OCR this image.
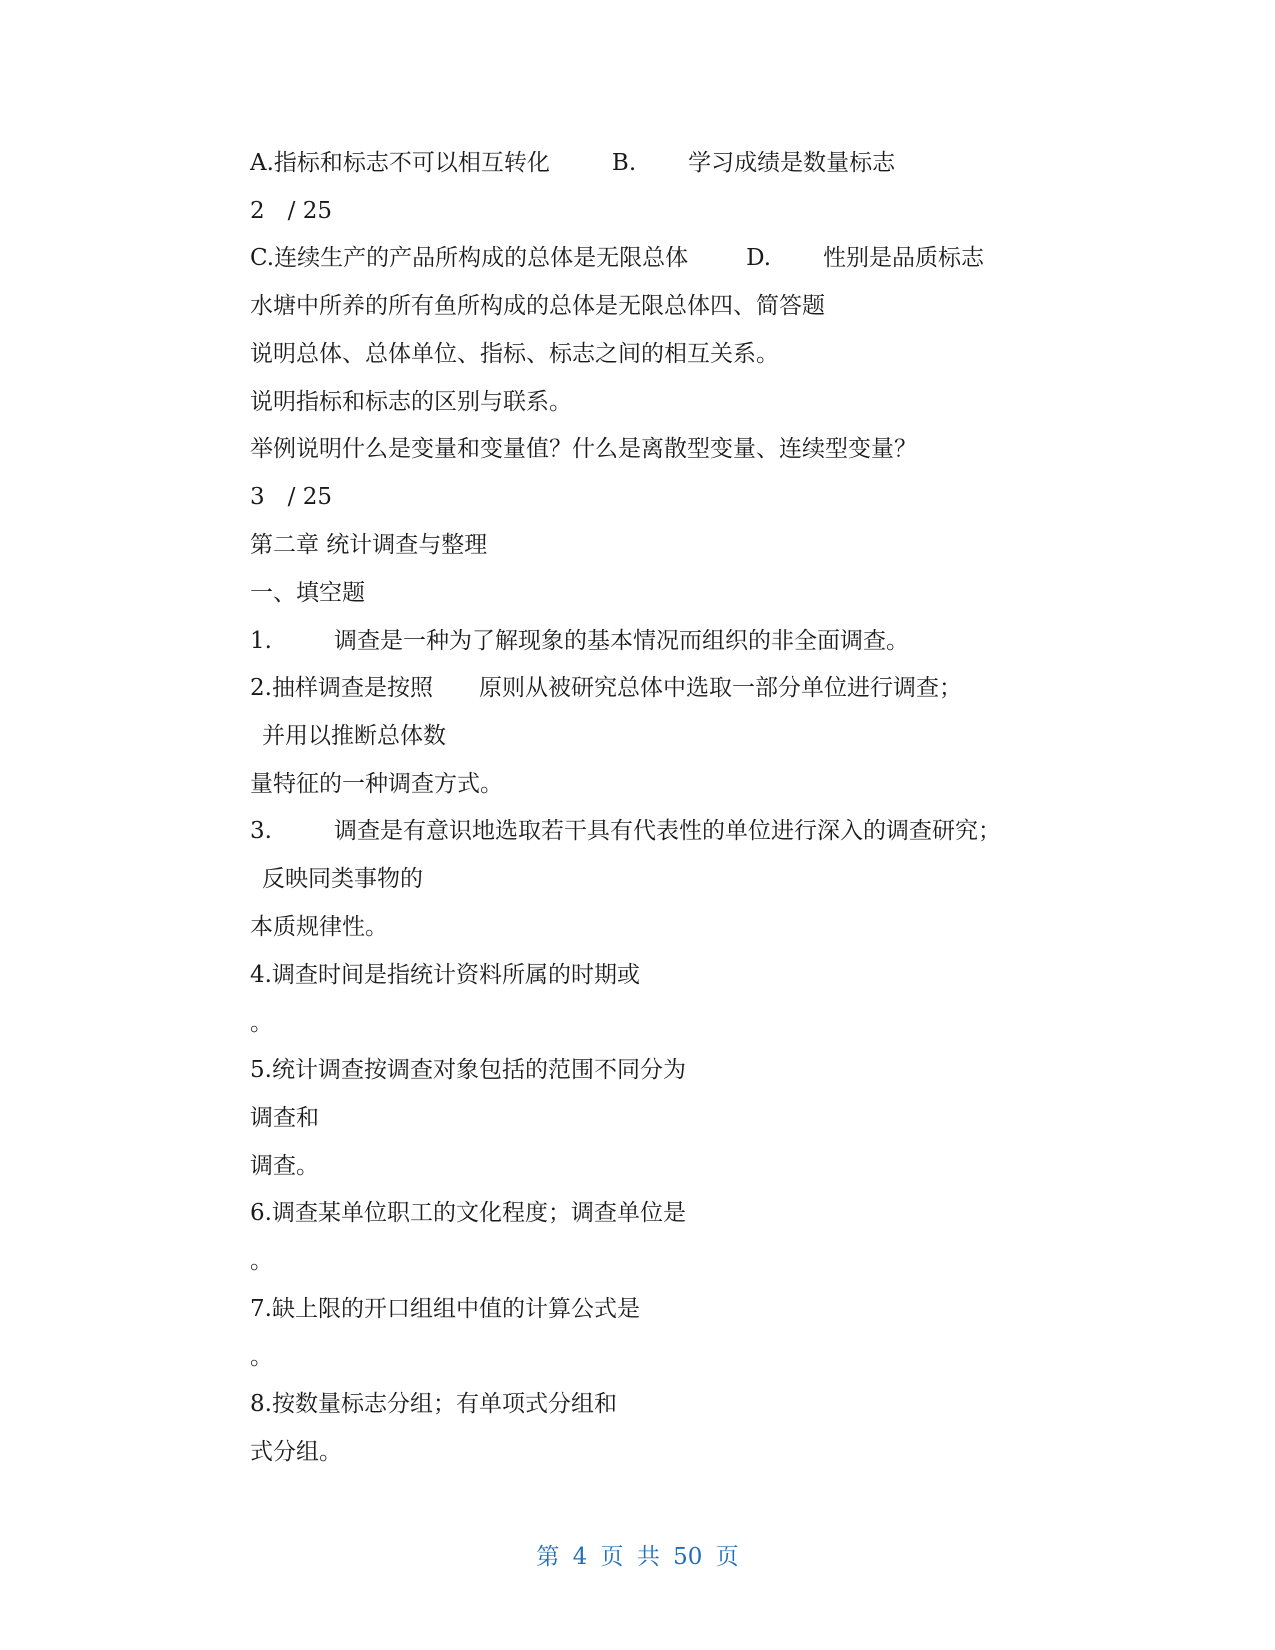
A.指标和标志不可以相互转化	B. 学习成绩是数量标志
2　/ 25
C.连续生产的产品所构成的总体是无限总体	D. 性别是品质标志
水塘中所养的所有鱼所构成的总体是无限总体四、简答题
说明总体、总体单位、指标、标志之间的相互关系。
说明指标和标志的区别与联系。
举例说明什么是变量和变量值？什么是离散型变量、连续型变量？
3　/ 25
第二章 统计调查与整理
一、填空题
1.	调查是一种为了解现象的基本情况而组织的非全面调查。
2.抽样调查是按照 原则从被研究总体中选取一部分单位进行调查；
并用以推断总体数
量特征的一种调查方式。
3.	调查是有意识地选取若干具有代表性的单位进行深入的调查研究；
反映同类事物的
本质规律性。
4.调查时间是指统计资料所属的时期或
。
5.统计调查按调查对象包括的范围不同分为
调查和
调查。
6.调查某单位职工的文化程度；调查单位是
。
7.缺上限的开口组组中值的计算公式是
。
8.按数量标志分组；有单项式分组和
式分组。
第 4 页 共 50 页
